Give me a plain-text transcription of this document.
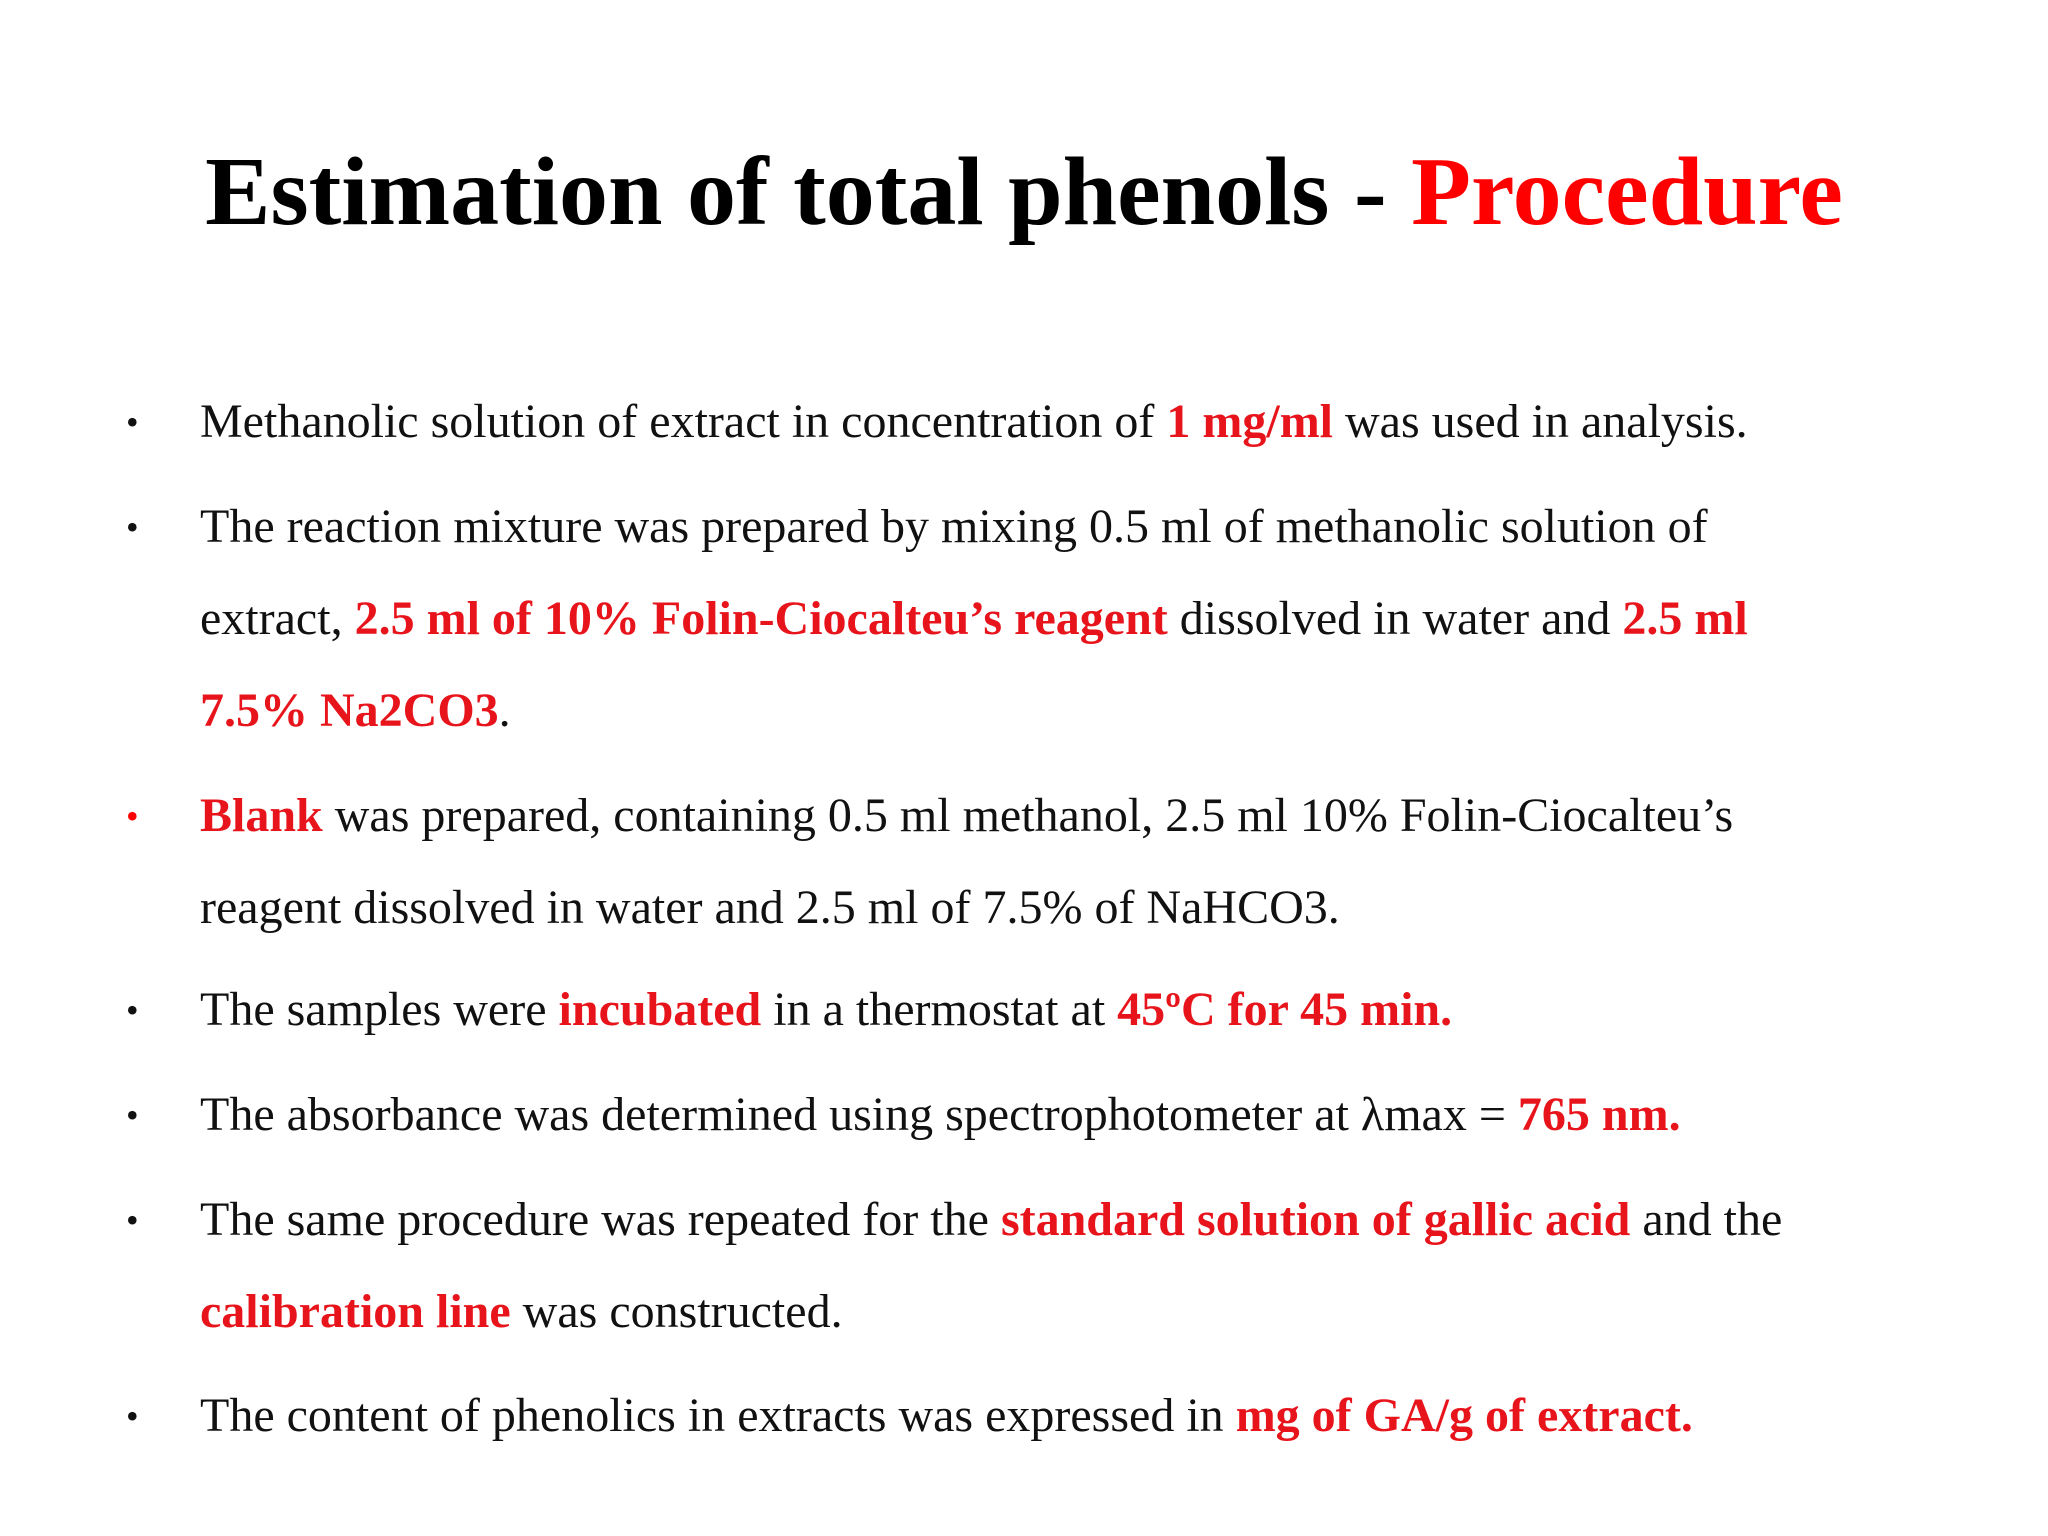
Estimation of total phenols - Procedure
• Methanolic solution of extract in concentration of 1 mg/ml was used in analysis.
• The reaction mixture was prepared by mixing 0.5 ml of methanolic solution of
extract, 2.5 ml of 10% Folin-Ciocalteu’s reagent dissolved in water and 2.5 ml
7.5% Na2CO3.
• Blank was prepared, containing 0.5 ml methanol, 2.5 ml 10% Folin-Ciocalteu’s
reagent dissolved in water and 2.5 ml of 7.5% of NaHCO3.
• The samples were incubated in a thermostat at 45ºC for 45 min.
• The absorbance was determined using spectrophotometer at λmax = 765 nm.
• The same procedure was repeated for the standard solution of gallic acid and the
calibration line was constructed.
• The content of phenolics in extracts was expressed in mg of GA/g of extract.
